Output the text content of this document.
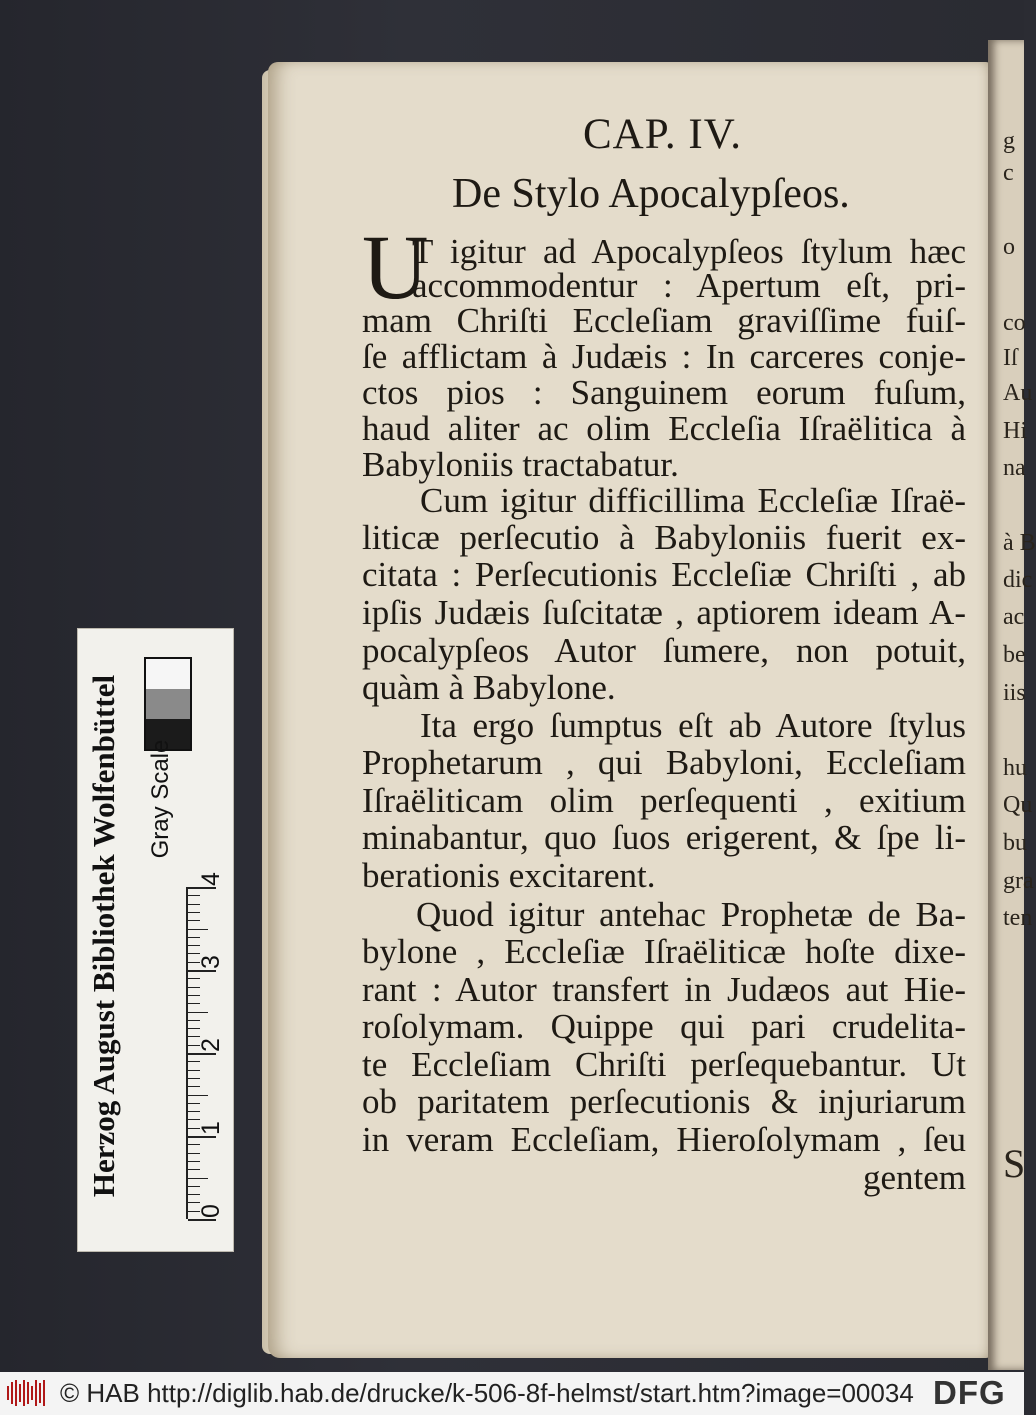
Herzog August Bibliothek Wolfenbüttel Gray Scale
0
1
2
3
4
g
c
o
co
Iſ
Au
Hi
na
à B
dic
ac
be
iis
hu
Qu
bu
gra
ten
S
CAP. IV.
De Stylo Apocalypſeos.
U
T igitur ad Apocalypſeos ſtylum hæc
accommodentur : Apertum eſt, pri-
mam Chriſti Eccleſiam graviſſime fuiſ-
ſe afflictam à Judæis : In carceres conje-
ctos pios : Sanguinem eorum fuſum,
haud aliter ac olim Eccleſia Iſraëlitica à
Babyloniis tractabatur.
Cum igitur difficillima Eccleſiæ Iſraë-
liticæ perſecutio à Babyloniis fuerit ex-
citata : Perſecutionis Eccleſiæ Chriſti , ab
ipſis Judæis ſuſcitatæ , aptiorem ideam A-
pocalypſeos Autor ſumere, non potuit,
quàm à Babylone.
Ita ergo ſumptus eſt ab Autore ſtylus
Prophetarum , qui Babyloni, Eccleſiam
Iſraëliticam olim perſequenti , exitium
minabantur, quo ſuos erigerent, & ſpe li-
berationis excitarent.
Quod igitur antehac Prophetæ de Ba-
bylone , Eccleſiæ Iſraëliticæ hoſte dixe-
rant : Autor transfert in Judæos aut Hie-
roſolymam. Quippe qui pari crudelita-
te Eccleſiam Chriſti perſequebantur. Ut
ob paritatem perſecutionis & injuriarum
in veram Eccleſiam, Hieroſolymam , ſeu
gentem
© HAB http://diglib.hab.de/drucke/k-506-8f-helmst/start.htm?image=00034 DFG
